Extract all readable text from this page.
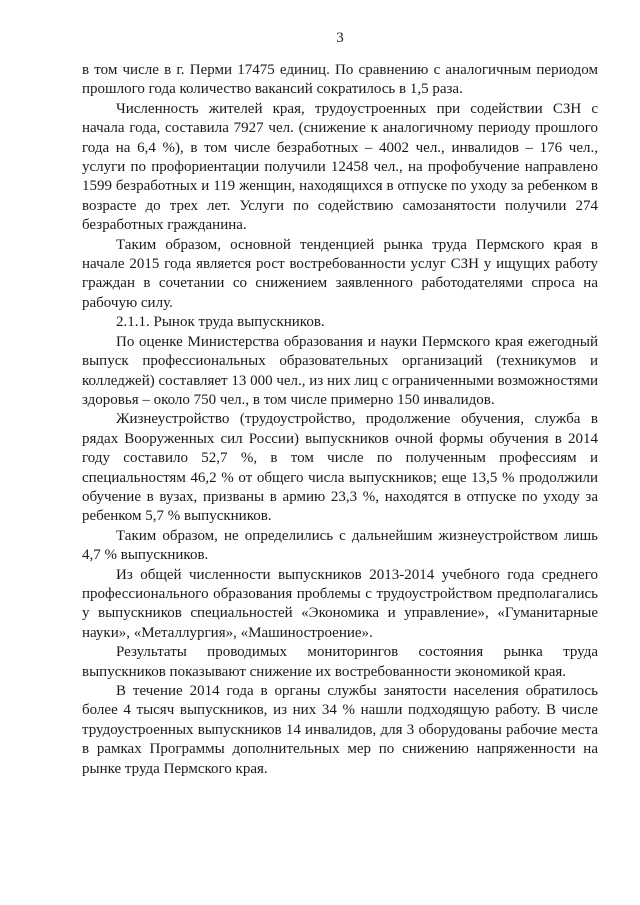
3

в том числе в г. Перми 17475 единиц. По сравнению с аналогичным периодом прошлого года количество вакансий сократилось в 1,5 раза.

Численность жителей края, трудоустроенных при содействии СЗН с начала года, составила 7927 чел. (снижение к аналогичному периоду прошлого года на 6,4 %), в том числе безработных – 4002 чел., инвалидов – 176 чел., услуги по профориентации получили 12458 чел., на профобучение направлено 1599 безработных и 119 женщин, находящихся в отпуске по уходу за ребенком в возрасте до трех лет. Услуги по содействию самозанятости получили 274 безработных гражданина.

Таким образом, основной тенденцией рынка труда Пермского края в начале 2015 года является рост востребованности услуг СЗН у ищущих работу граждан в сочетании со снижением заявленного работодателями спроса на рабочую силу.

2.1.1. Рынок труда выпускников.

По оценке Министерства образования и науки Пермского края ежегодный выпуск профессиональных образовательных организаций (техникумов и колледжей) составляет 13 000 чел., из них лиц с ограниченными возможностями здоровья – около 750 чел., в том числе примерно 150 инвалидов.

Жизнеустройство (трудоустройство, продолжение обучения, служба в рядах Вооруженных сил России) выпускников очной формы обучения в 2014 году составило 52,7 %, в том числе по полученным профессиям и специальностям 46,2 % от общего числа выпускников; еще 13,5 % продолжили обучение в вузах, призваны в армию 23,3 %, находятся в отпуске по уходу за ребенком 5,7 % выпускников.

Таким образом, не определились с дальнейшим жизнеустройством лишь 4,7 % выпускников.

Из общей численности выпускников 2013-2014 учебного года среднего профессионального образования проблемы с трудоустройством предполагались у выпускников специальностей «Экономика и управление», «Гуманитарные науки», «Металлургия», «Машиностроение».

Результаты проводимых мониторингов состояния рынка труда выпускников показывают снижение их востребованности экономикой края.

В течение 2014 года в органы службы занятости населения обратилось более 4 тысяч выпускников, из них 34 % нашли подходящую работу. В числе трудоустроенных выпускников 14 инвалидов, для 3 оборудованы рабочие места в рамках Программы дополнительных мер по снижению напряженности на рынке труда Пермского края.
